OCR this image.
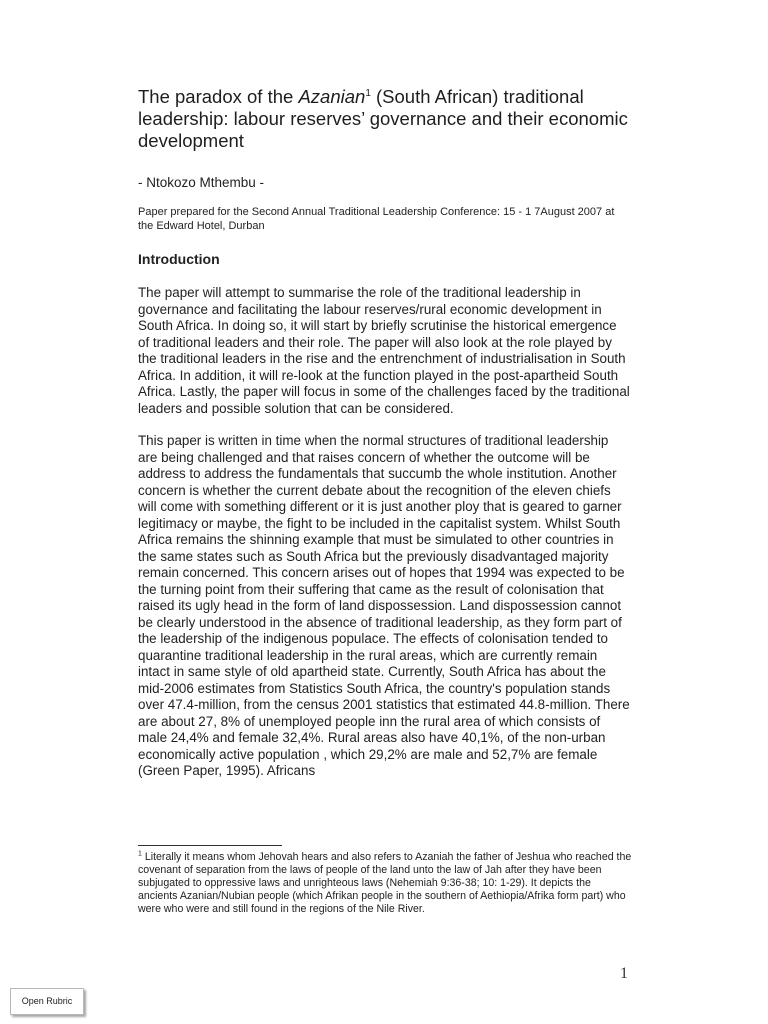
The paradox of the Azanian$^1$ (South African) traditional leadership: labour reserves’ governance and their economic development
- Ntokozo Mthembu -
Paper prepared for the Second Annual Traditional Leadership Conference: 15 - 1 7August 2007 at the Edward Hotel, Durban
Introduction

The paper will attempt to summarise the role of the traditional leadership in governance and facilitating the labour reserves/rural economic development in South Africa. In doing so, it will start by briefly scrutinise the historical emergence of traditional leaders and their role. The paper will also look at the role played by the traditional leaders in the rise and the entrenchment of industrialisation in South Africa. In addition, it will re-look at the function played in the post-apartheid South Africa. Lastly, the paper will focus in some of the challenges faced by the traditional leaders and possible solution that can be considered.

This paper is written in time when the normal structures of traditional leadership are being challenged and that raises concern of whether the outcome will be address to address the fundamentals that succumb the whole institution. Another concern is whether the current debate about the recognition of the eleven chiefs will come with something different or it is just another ploy that is geared to garner legitimacy or maybe, the fight to be included in the capitalist system. Whilst South Africa remains the shinning example that must be simulated to other countries in the same states such as South Africa but the previously disadvantaged majority remain concerned. This concern arises out of hopes that 1994 was expected to be the turning point from their suffering that came as the result of colonisation that raised its ugly head in the form of land dispossession. Land dispossession cannot be clearly understood in the absence of traditional leadership, as they form part of the leadership of the indigenous populace. The effects of colonisation tended to quarantine traditional leadership in the rural areas, which are currently remain intact in same style of old apartheid state. Currently, South Africa has about the mid-2006 estimates from Statistics South Africa, the country's population stands over 47.4-million, from the census 2001 statistics that estimated 44.8-million. There are about 27, 8% of unemployed people inn the rural area of which consists of male 24,4% and female 32,4%. Rural areas also have 40,1%, of the non-urban economically active population , which 29,2% are male and 52,7% are female (Green Paper, 1995). Africans

$^1$ Literally it means whom Jehovah hears and also refers to Azaniah the father of Jeshua who reached the covenant of separation from the laws of people of the land unto the law of Jah after they have been subjugated to oppressive laws and unrighteous laws (Nehemiah 9:36-38; 10: 1-29). It depicts the ancients Azanian/Nubian people (which Afrikan people in the southern of Aethiopia/Afrika form part) who were who were and still found in the regions of the Nile River.
1
Open Rubric
